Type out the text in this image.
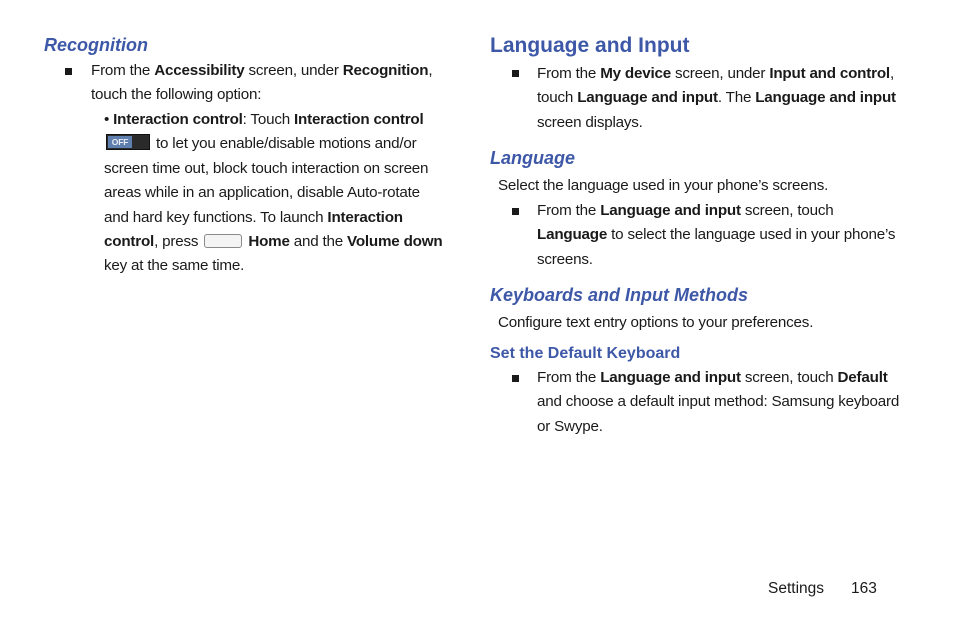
Recognition
From the Accessibility screen, under Recognition, touch the following option:
• Interaction control: Touch Interaction control
OFF to let you enable/disable motions and/or screen time out, block touch interaction on screen areas while in an application, disable Auto-rotate and hard key functions. To launch Interaction control, press	Home and the Volume down key at the same time.
Language and Input
From the My device screen, under Input and control, touch Language and input. The Language and input screen displays.
Language
Select the language used in your phone’s screens.
From the Language and input screen, touch Language to select the language used in your phone’s screens.
Keyboards and Input Methods
Configure text entry options to your preferences.
Set the Default Keyboard
From the Language and input screen, touch Default and choose a default input method: Samsung keyboard or Swype.
Settings 163
